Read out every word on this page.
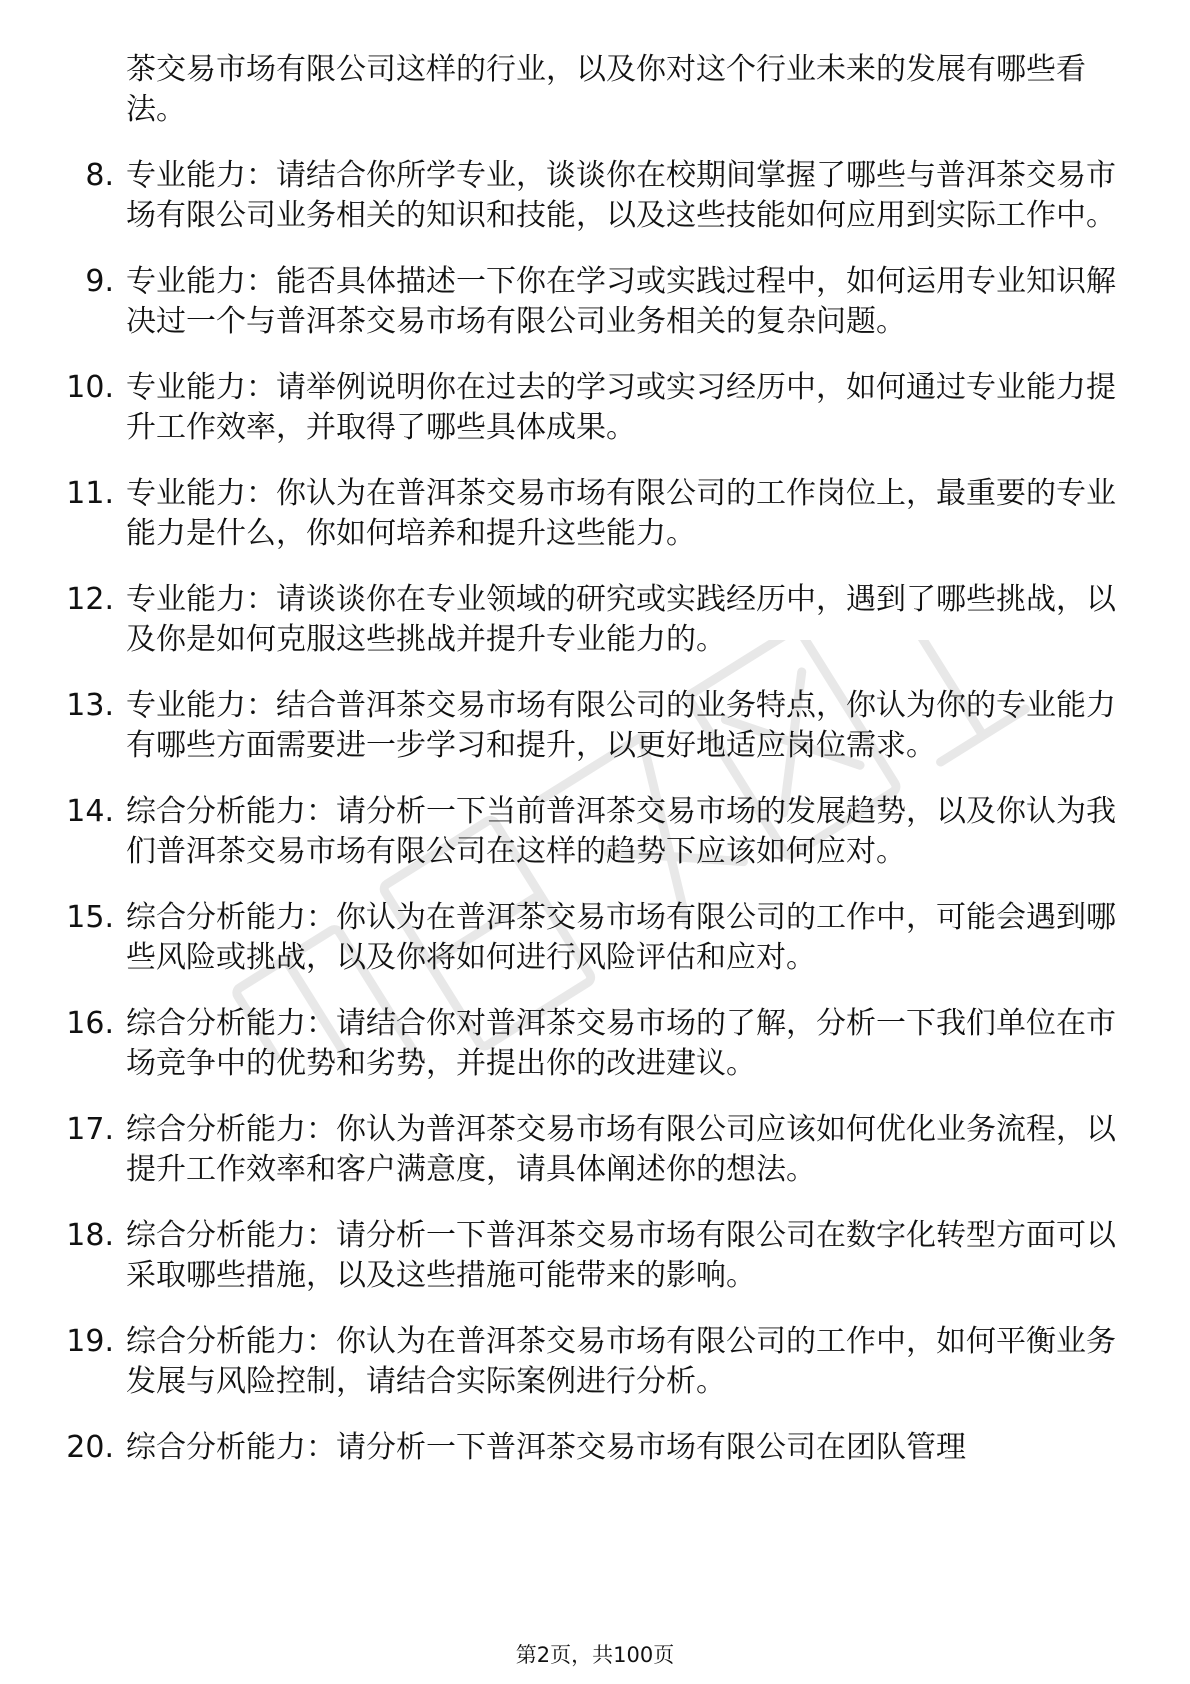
茶交易市场有限公司这样的行业，以及你对这个行业未来的发展有哪些看法。
8. 专业能力：请结合你所学专业，谈谈你在校期间掌握了哪些与普洱茶交易市场有限公司业务相关的知识和技能，以及这些技能如何应用到实际工作中。
9. 专业能力：能否具体描述一下你在学习或实践过程中，如何运用专业知识解决过一个与普洱茶交易市场有限公司业务相关的复杂问题。
10. 专业能力：请举例说明你在过去的学习或实习经历中，如何通过专业能力提升工作效率，并取得了哪些具体成果。
11. 专业能力：你认为在普洱茶交易市场有限公司的工作岗位上，最重要的专业能力是什么，你如何培养和提升这些能力。
12. 专业能力：请谈谈你在专业领域的研究或实践经历中，遇到了哪些挑战，以及你是如何克服这些挑战并提升专业能力的。
13. 专业能力：结合普洱茶交易市场有限公司的业务特点，你认为你的专业能力有哪些方面需要进一步学习和提升，以更好地适应岗位需求。
14. 综合分析能力：请分析一下当前普洱茶交易市场的发展趋势，以及你认为我们普洱茶交易市场有限公司在这样的趋势下应该如何应对。
15. 综合分析能力：你认为在普洱茶交易市场有限公司的工作中，可能会遇到哪些风险或挑战，以及你将如何进行风险评估和应对。
16. 综合分析能力：请结合你对普洱茶交易市场的了解，分析一下我们单位在市场竞争中的优势和劣势，并提出你的改进建议。
17. 综合分析能力：你认为普洱茶交易市场有限公司应该如何优化业务流程，以提升工作效率和客户满意度，请具体阐述你的想法。
18. 综合分析能力：请分析一下普洱茶交易市场有限公司在数字化转型方面可以采取哪些措施，以及这些措施可能带来的影响。
19. 综合分析能力：你认为在普洱茶交易市场有限公司的工作中，如何平衡业务发展与风险控制，请结合实际案例进行分析。
20. 综合分析能力：请分析一下普洱茶交易市场有限公司在团队管理
第2页，共100页
